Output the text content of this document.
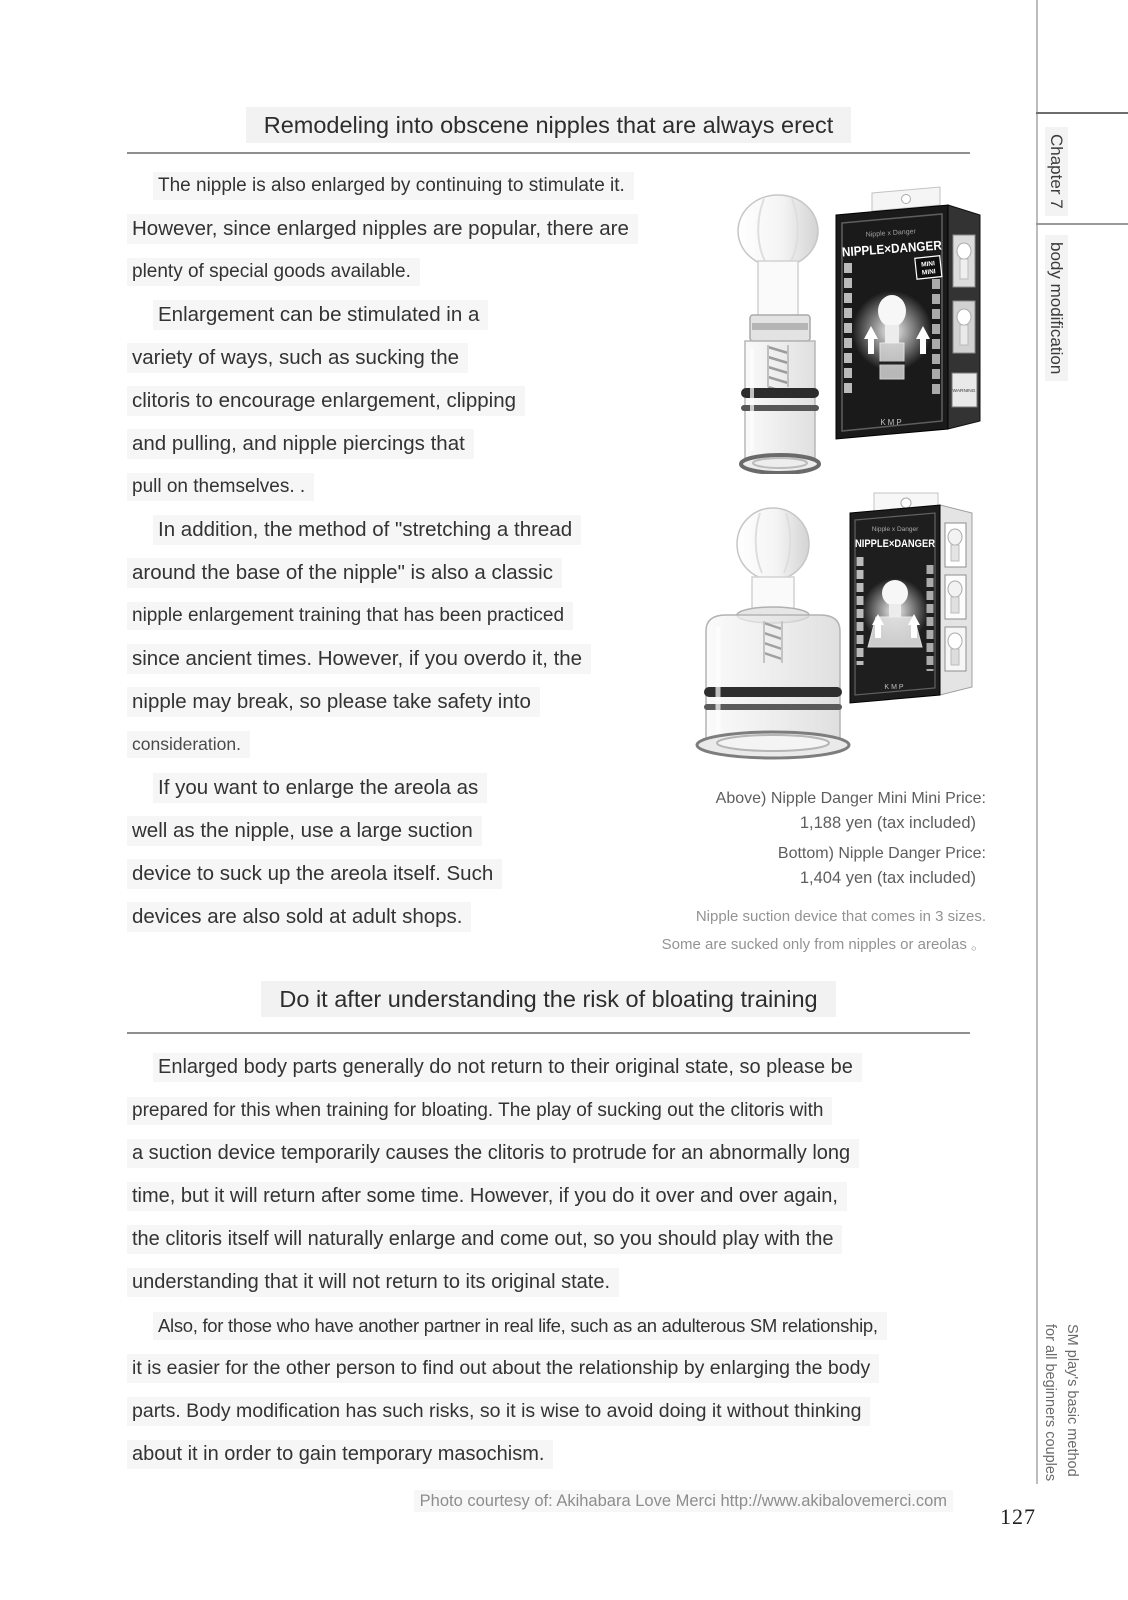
Remodeling into obscene nipples that are always erect
The nipple is also enlarged by continuing to stimulate it.
However, since enlarged nipples are popular, there are
plenty of special goods available.
Enlargement can be stimulated in a
variety of ways, such as sucking the
clitoris to encourage enlargement, clipping
and pulling, and nipple piercings that
pull on themselves. .
In addition, the method of "stretching a thread
around the base of the nipple" is also a classic
nipple enlargement training that has been practiced
since ancient times. However, if you overdo it, the
nipple may break, so please take safety into
consideration.
If you want to enlarge the areola as
well as the nipple, use a large suction
device to suck up the areola itself. Such
devices are also sold at adult shops.
Nipple x Danger
NIPPLE×DANGER
MINI
MINI
KMP
WARNING
Nipple x Danger
NIPPLE×DANGER
KMP
Above) Nipple Danger Mini Mini Price:
1,188 yen (tax included)
Bottom) Nipple Danger Price:
1,404 yen (tax included)
Nipple suction device that comes in 3 sizes.
Some are sucked only from nipples or areolas 。
Do it after understanding the risk of bloating training
Enlarged body parts generally do not return to their original state, so please be
prepared for this when training for bloating. The play of sucking out the clitoris with
a suction device temporarily causes the clitoris to protrude for an abnormally long
time, but it will return after some time. However, if you do it over and over again,
the clitoris itself will naturally enlarge and come out, so you should play with the
understanding that it will not return to its original state.
Also, for those who have another partner in real life, such as an adulterous SM relationship,
it is easier for the other person to find out about the relationship by enlarging the body
parts. Body modification has such risks, so it is wise to avoid doing it without thinking
about it in order to gain temporary masochism.
Photo courtesy of: Akihabara Love Merci http://www.akibalovemerci.com
127
Chapter 7
body modification
SM play's basic method
for all beginners couples
